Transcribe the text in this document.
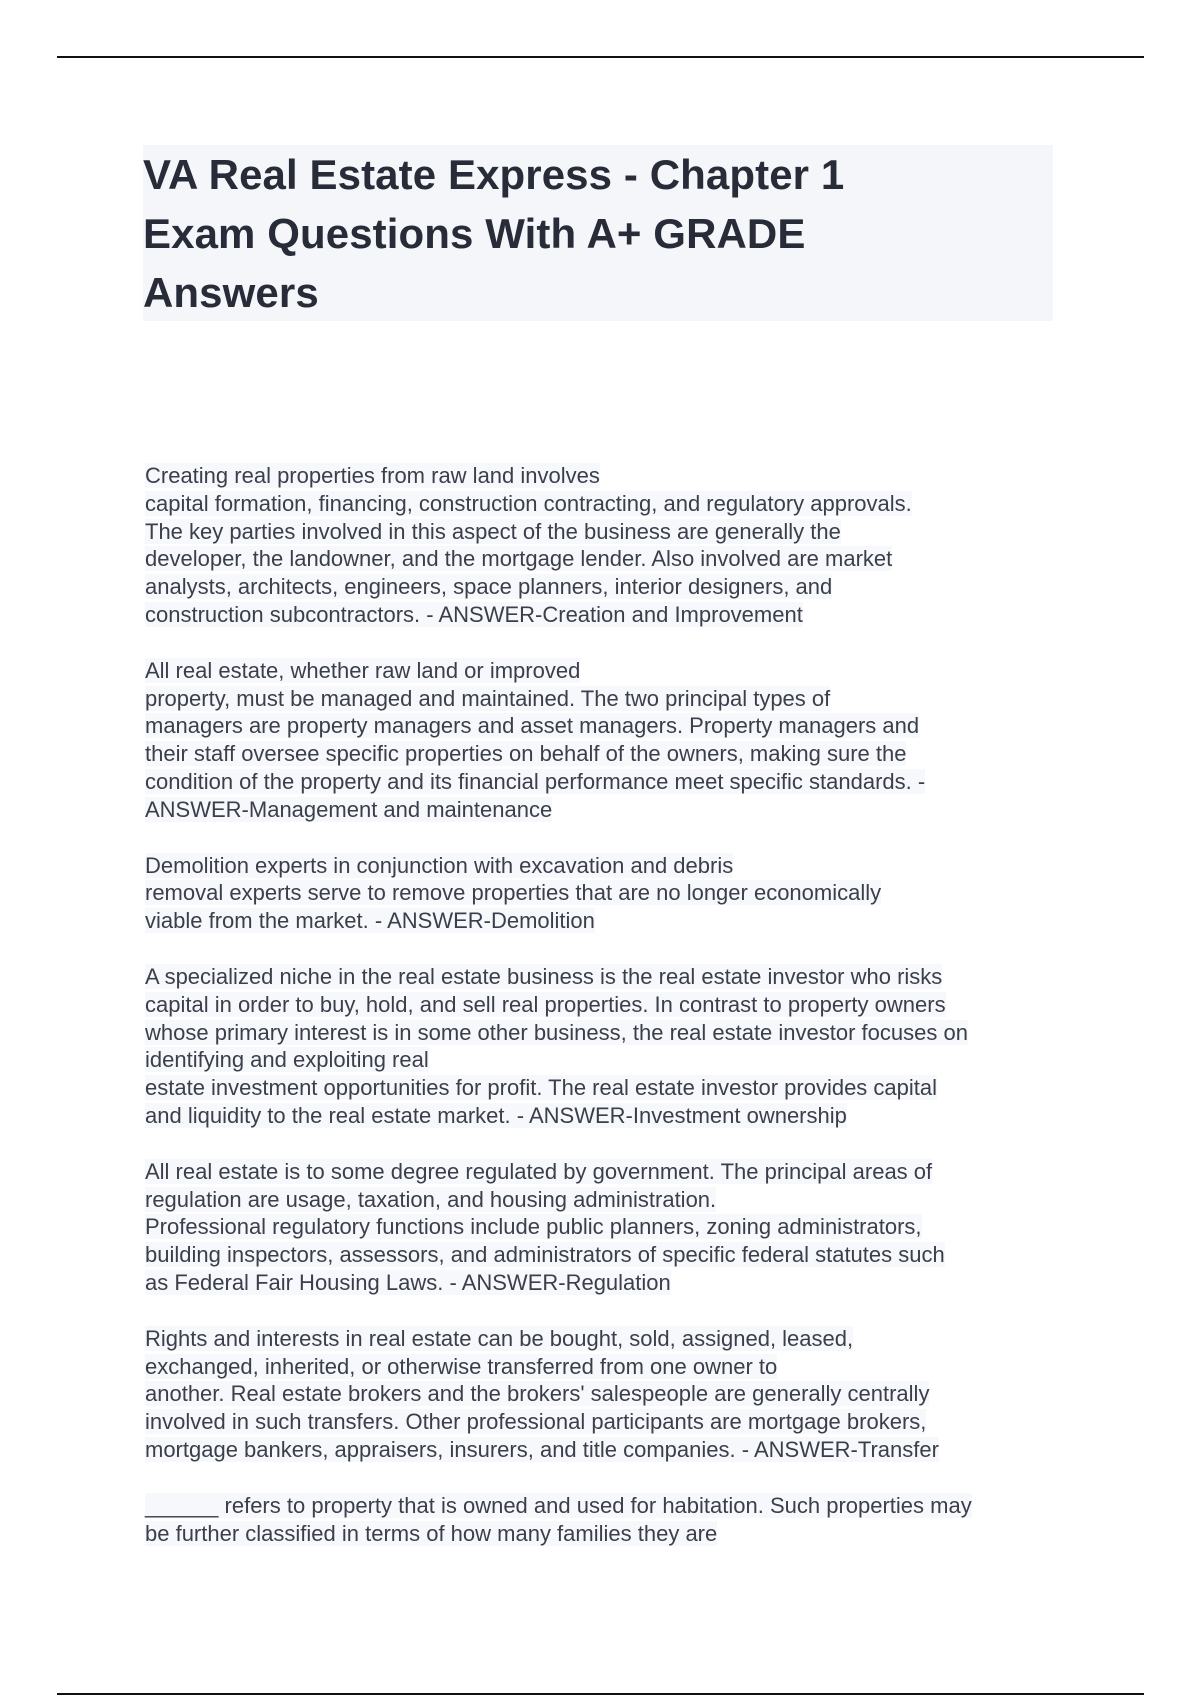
VA Real Estate Express - Chapter 1
Exam Questions With A+ GRADE
Answers

Creating real properties from raw land involves
capital formation, financing, construction contracting, and regulatory approvals.
The key parties involved in this aspect of the business are generally the
developer, the landowner, and the mortgage lender. Also involved are market
analysts, architects, engineers, space planners, interior designers, and
construction subcontractors. - ANSWER-Creation and Improvement

All real estate, whether raw land or improved
property, must be managed and maintained. The two principal types of
managers are property managers and asset managers. Property managers and
their staff oversee specific properties on behalf of the owners, making sure the
condition of the property and its financial performance meet specific standards. -
ANSWER-Management and maintenance

Demolition experts in conjunction with excavation and debris
removal experts serve to remove properties that are no longer economically
viable from the market. - ANSWER-Demolition

A specialized niche in the real estate business is the real estate investor who risks
capital in order to buy, hold, and sell real properties. In contrast to property owners
whose primary interest is in some other business, the real estate investor focuses on
identifying and exploiting real
estate investment opportunities for profit. The real estate investor provides capital
and liquidity to the real estate market. - ANSWER-Investment ownership

All real estate is to some degree regulated by government. The principal areas of
regulation are usage, taxation, and housing administration.
Professional regulatory functions include public planners, zoning administrators,
building inspectors, assessors, and administrators of specific federal statutes such
as Federal Fair Housing Laws. - ANSWER-Regulation

Rights and interests in real estate can be bought, sold, assigned, leased,
exchanged, inherited, or otherwise transferred from one owner to
another. Real estate brokers and the brokers' salespeople are generally centrally
involved in such transfers. Other professional participants are mortgage brokers,
mortgage bankers, appraisers, insurers, and title companies. - ANSWER-Transfer

______ refers to property that is owned and used for habitation. Such properties may
be further classified in terms of how many families they are
